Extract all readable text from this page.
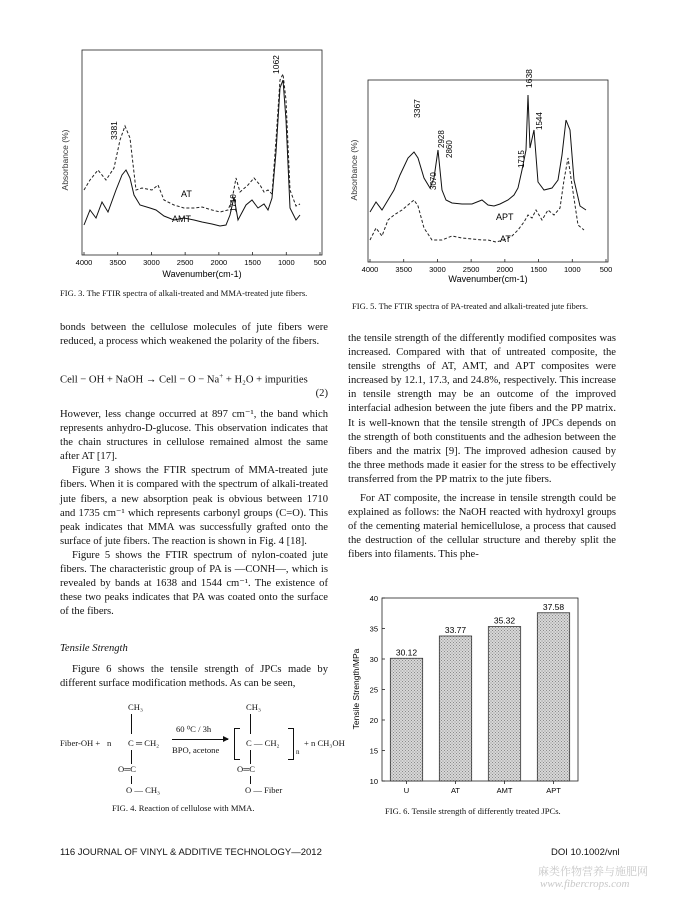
4000 3500 3000 2500 2000 1500 1000	500
Absorbance (%)
Wavenumber(cm-1)
3381
1062
1710
AT
AMT
FIG. 3. The FTIR spectra of alkali-treated and MMA-treated jute fibers.
4000 3500 3000 2500 2000 1500 1000	500
Absorbance (%)
Wavenumber(cm-1)
3367
1638
2928
2860
3070
1544
1715
APT
AT
FIG. 5. The FTIR spectra of PA-treated and alkali-treated jute fibers.

bonds between the cellulose molecules of jute fibers were reduced, a process which weakened the polarity of the fibers.

Cell − OH + NaOH → Cell − O − Na+ + H₂O + impurities
(2)

However, less change occurred at 897 cm⁻¹, the band which represents anhydro-D-glucose. This observation indicates that the chain structures in cellulose remained almost the same after AT [17].

Figure 3 shows the FTIR spectrum of MMA-treated jute fibers. When it is compared with the spectrum of alkali-treated jute fibers, a new absorption peak is obvious between 1710 and 1735 cm⁻¹ which represents carbonyl groups (C=O). This peak indicates that MMA was successfully grafted onto the surface of jute fibers. The reaction is shown in Fig. 4 [18].

Figure 5 shows the FTIR spectrum of nylon-coated jute fibers. The characteristic group of PA is —CONH—, which is revealed by bands at 1638 and 1544 cm⁻¹. The existence of these two peaks indicates that PA was coated onto the surface of the fibers.

Tensile Strength

Figure 6 shows the tensile strength of JPCs made by different surface modification methods. As can be seen,

Fiber-OH + n
CH₃
C ═ CH₂
O═C
O — CH₃
60 ⁰C / 3h
BPO, acetone
CH₃
C — CH₂
n
+ n CH₃OH
O═C
O — Fiber
FIG. 4. Reaction of cellulose with MMA.

the tensile strength of the differently modified composites was increased. Compared with that of untreated composite, the tensile strengths of AT, AMT, and APT composites were increased by 12.1, 17.3, and 24.8%, respectively. This increase in tensile strength may be an outcome of the improved interfacial adhesion between the jute fibers and the PP matrix. It is well-known that the tensile strength of JPCs depends on the strength of both constituents and the adhesion between the fibers and the matrix [9]. The improved adhesion caused by the three methods made it easier for the stress to be effectively transferred from the PP matrix to the jute fibers.

For AT composite, the increase in tensile strength could be explained as follows: the NaOH reacted with hydroxyl groups of the cementing material hemicellulose, a process that caused the destruction of the cellular structure and thereby split the fibers into filaments. This phe-

10
15
20
25
30
35
40
30.12
U
33.77
AT
35.32
AMT
37.58
APT
Tensile Strength/MPa
FIG. 6. Tensile strength of differently treated JPCs.
116 JOURNAL OF VINYL & ADDITIVE TECHNOLOGY—2012	DOI 10.1002/vnl
麻类作物营养与施肥网
www.fibercrops.com
